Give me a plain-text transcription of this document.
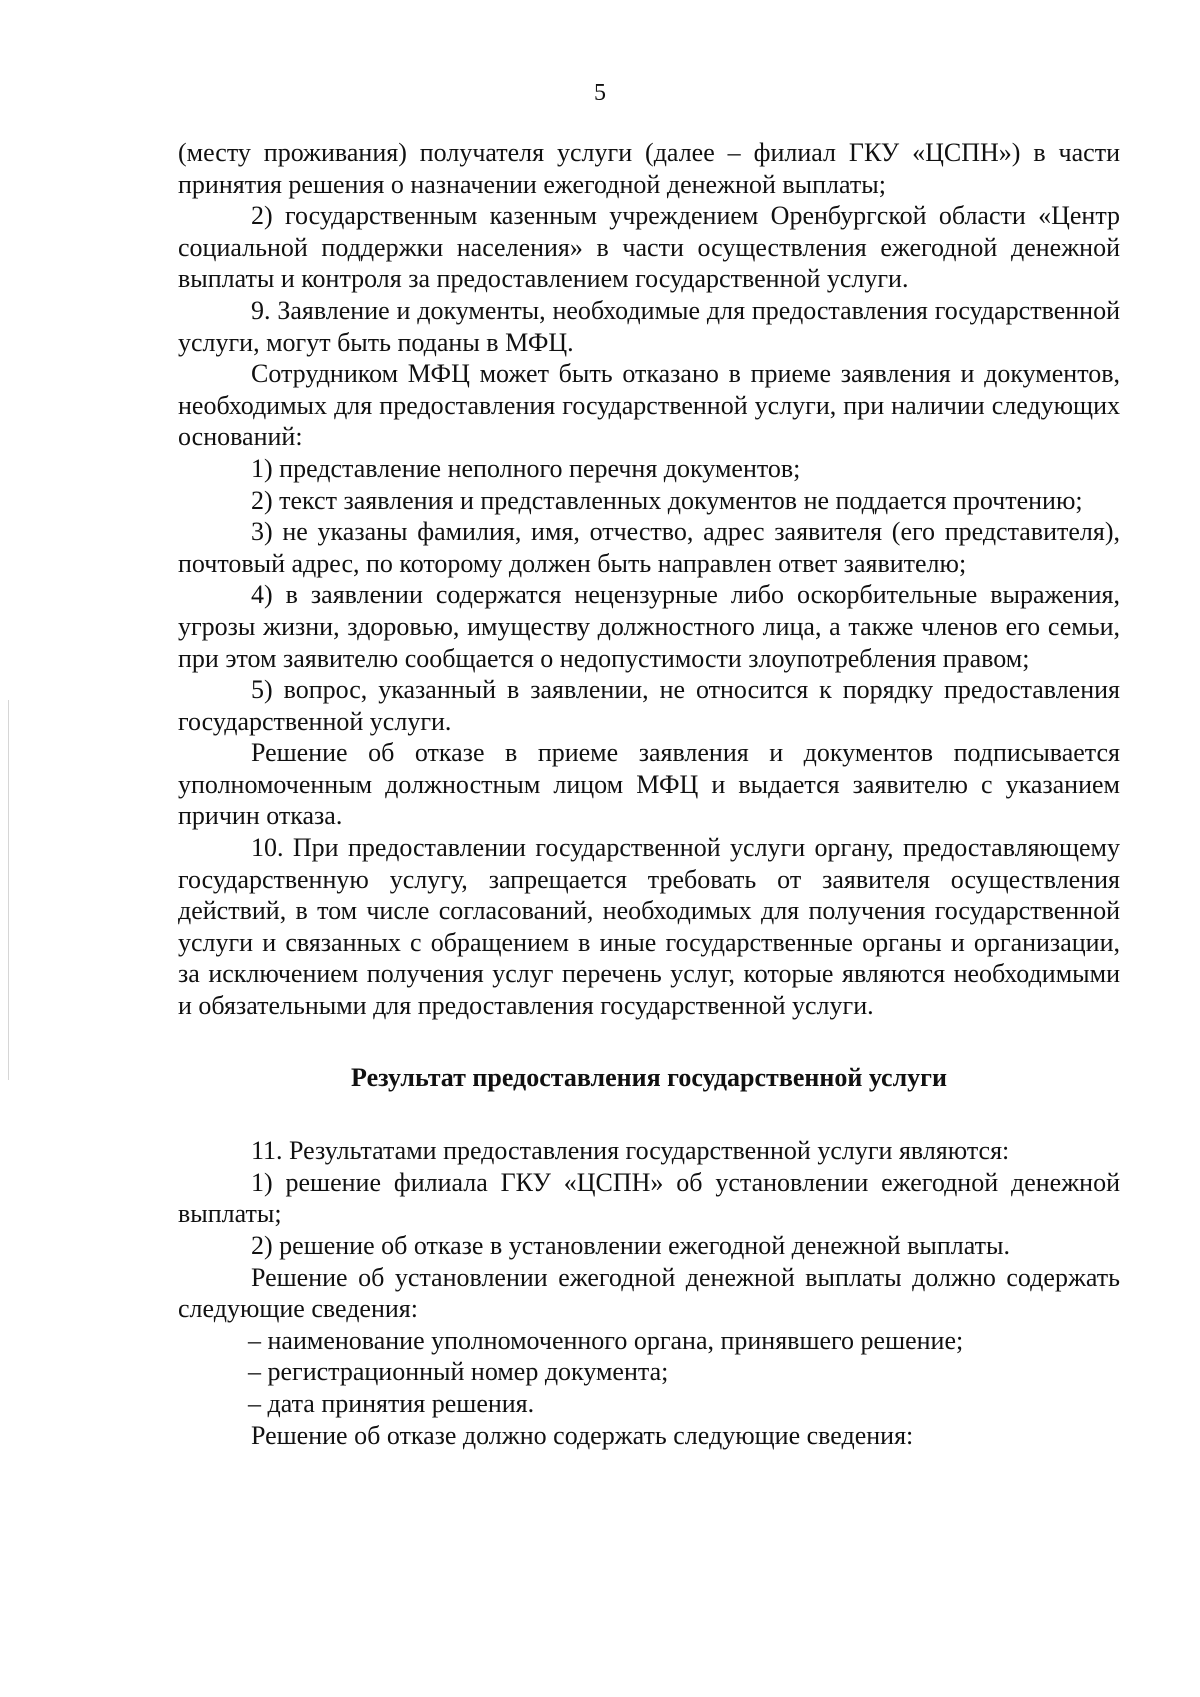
5

(месту проживания) получателя услуги (далее – филиал ГКУ «ЦСПН») в части принятия решения о назначении ежегодной денежной выплаты;

2) государственным казенным учреждением Оренбургской области «Центр социальной поддержки населения» в части осуществления ежегодной денежной выплаты и контроля за предоставлением государственной услуги.

9. Заявление и документы, необходимые для предоставления государственной услуги, могут быть поданы в МФЦ.

Сотрудником МФЦ может быть отказано в приеме заявления и документов, необходимых для предоставления государственной услуги, при наличии следующих оснований:

1) представление неполного перечня документов;

2) текст заявления и представленных документов не поддается прочтению;

3) не указаны фамилия, имя, отчество, адрес заявителя (его представителя), почтовый адрес, по которому должен быть направлен ответ заявителю;

4) в заявлении содержатся нецензурные либо оскорбительные выражения, угрозы жизни, здоровью, имуществу должностного лица, а также членов его семьи, при этом заявителю сообщается о недопустимости злоупотребления правом;

5) вопрос, указанный в заявлении, не относится к порядку предоставления государственной услуги.

Решение об отказе в приеме заявления и документов подписывается уполномоченным должностным лицом МФЦ и выдается заявителю с указанием причин отказа.

10. При предоставлении государственной услуги органу, предоставляющему государственную услугу, запрещается требовать от заявителя осуществления действий, в том числе согласований, необходимых для получения государственной услуги и связанных с обращением в иные государственные органы и организации, за исключением получения услуг перечень услуг, которые являются необходимыми и обязательными для предоставления государственной услуги.

Результат предоставления государственной услуги

11. Результатами предоставления государственной услуги являются:

1) решение филиала ГКУ «ЦСПН» об установлении ежегодной денежной выплаты;

2) решение об отказе в установлении ежегодной денежной выплаты.

Решение об установлении ежегодной денежной выплаты должно содержать следующие сведения:

– наименование уполномоченного органа, принявшего решение;

– регистрационный номер документа;

– дата принятия решения.

Решение об отказе должно содержать следующие сведения:
